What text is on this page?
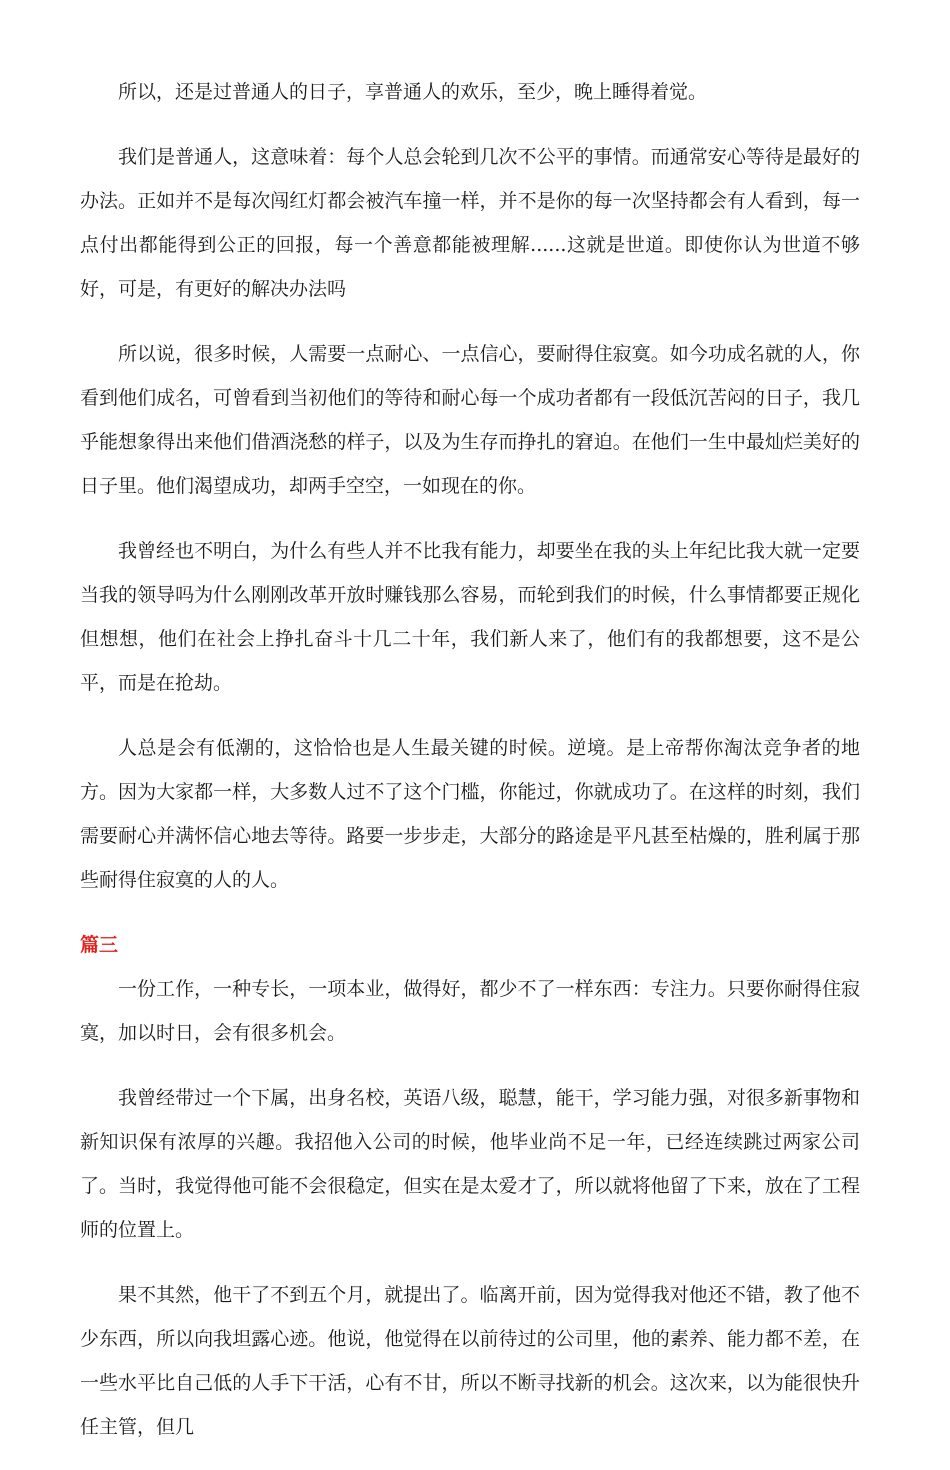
所以，还是过普通人的日子，享普通人的欢乐，至少，晚上睡得着觉。

我们是普通人，这意味着：每个人总会轮到几次不公平的事情。而通常安心等待是最好的办法。正如并不是每次闯红灯都会被汽车撞一样，并不是你的每一次坚持都会有人看到，每一点付出都能得到公正的回报，每一个善意都能被理解......这就是世道。即使你认为世道不够好，可是，有更好的解决办法吗

所以说，很多时候，人需要一点耐心、一点信心，要耐得住寂寞。如今功成名就的人，你看到他们成名，可曾看到当初他们的等待和耐心每一个成功者都有一段低沉苦闷的日子，我几乎能想象得出来他们借酒浇愁的样子，以及为生存而挣扎的窘迫。在他们一生中最灿烂美好的日子里。他们渴望成功，却两手空空，一如现在的你。

我曾经也不明白，为什么有些人并不比我有能力，却要坐在我的头上年纪比我大就一定要当我的领导吗为什么刚刚改革开放时赚钱那么容易，而轮到我们的时候，什么事情都要正规化但想想，他们在社会上挣扎奋斗十几二十年，我们新人来了，他们有的我都想要，这不是公平，而是在抢劫。

人总是会有低潮的，这恰恰也是人生最关键的时候。逆境。是上帝帮你淘汰竞争者的地方。因为大家都一样，大多数人过不了这个门槛，你能过，你就成功了。在这样的时刻，我们需要耐心并满怀信心地去等待。路要一步步走，大部分的路途是平凡甚至枯燥的，胜利属于那些耐得住寂寞的人的人。

篇三

一份工作，一种专长，一项本业，做得好，都少不了一样东西：专注力。只要你耐得住寂寞，加以时日，会有很多机会。

我曾经带过一个下属，出身名校，英语八级，聪慧，能干，学习能力强，对很多新事物和新知识保有浓厚的兴趣。我招他入公司的时候，他毕业尚不足一年，已经连续跳过两家公司了。当时，我觉得他可能不会很稳定，但实在是太爱才了，所以就将他留了下来，放在了工程师的位置上。

果不其然，他干了不到五个月，就提出了。临离开前，因为觉得我对他还不错，教了他不少东西，所以向我坦露心迹。他说，他觉得在以前待过的公司里，他的素养、能力都不差，在一些水平比自己低的人手下干活，心有不甘，所以不断寻找新的机会。这次来，以为能很快升任主管，但几
